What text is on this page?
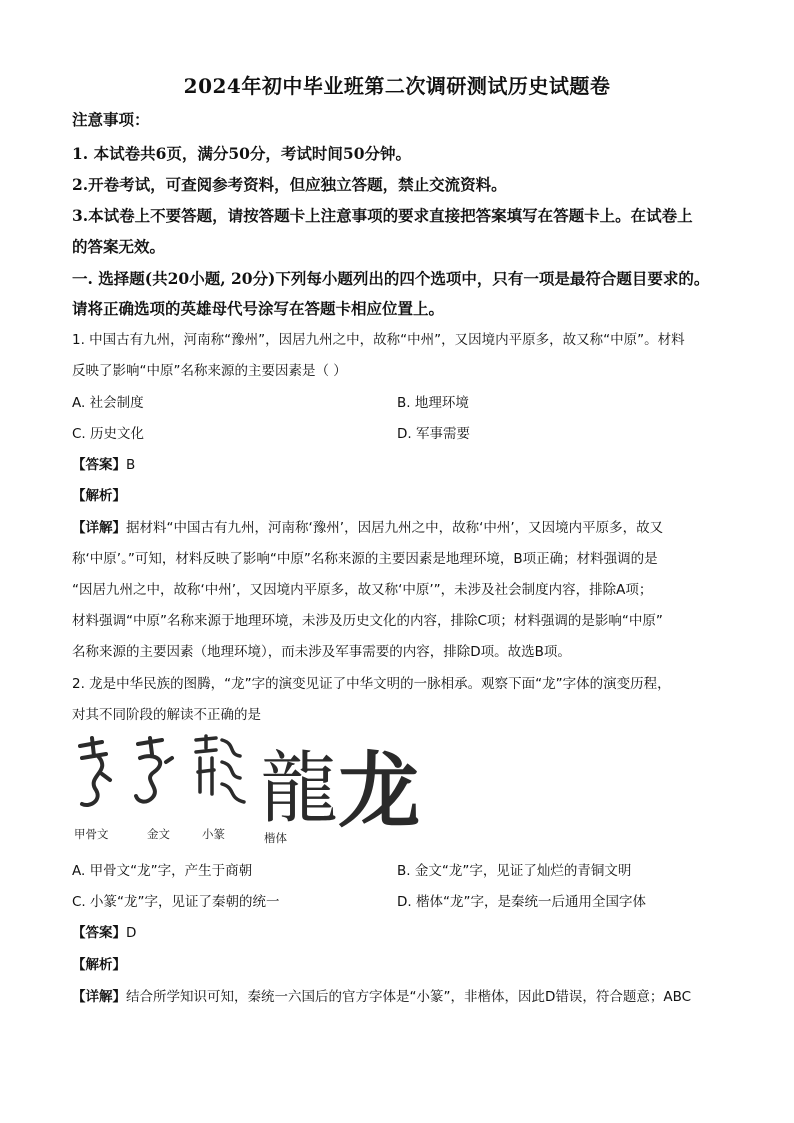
2024年初中毕业班第二次调研测试历史试题卷
注意事项：
1. 本试卷共6页，满分50分，考试时间50分钟。
2.开卷考试，可查阅参考资料，但应独立答题，禁止交流资料。
3.本试卷上不要答题，请按答题卡上注意事项的要求直接把答案填写在答题卡上。在试卷上
的答案无效。
一. 选择题(共20小题, 20分)下列每小题列出的四个选项中，只有一项是最符合题目要求的。
请将正确选项的英雄母代号涂写在答题卡相应位置上。
1. 中国古有九州，河南称“豫州”，因居九州之中，故称“中州”，又因境内平原多，故又称“中原”。材料
反映了影响“中原”名称来源的主要因素是（ ）
A. 社会制度	B. 地理环境
C. 历史文化	D. 军事需要
【答案】B
【解析】
【详解】据材料“中国古有九州，河南称‘豫州’，因居九州之中，故称‘中州’，又因境内平原多，故又
称‘中原’。”可知，材料反映了影响“中原”名称来源的主要因素是地理环境，B项正确；材料强调的是
“因居九州之中，故称‘中州’，又因境内平原多，故又称‘中原’”，未涉及社会制度内容，排除A项；
材料强调“中原”名称来源于地理环境，未涉及历史文化的内容，排除C项；材料强调的是影响“中原”
名称来源的主要因素（地理环境），而未涉及军事需要的内容，排除D项。故选B项。
2. 龙是中华民族的图腾，“龙”字的演变见证了中华文明的一脉相承。观察下面“龙”字体的演变历程，
对其不同阶段的解读不正确的是
龍 龙
甲骨文	金文	小篆	楷体
A. 甲骨文“龙”字，产生于商朝	B. 金文“龙”字，见证了灿烂的青铜文明
C. 小篆“龙”字，见证了秦朝的统一	D. 楷体“龙”字，是秦统一后通用全国字体
【答案】D
【解析】
【详解】结合所学知识可知，秦统一六国后的官方字体是“小篆”，非楷体，因此D错误，符合题意；ABC
